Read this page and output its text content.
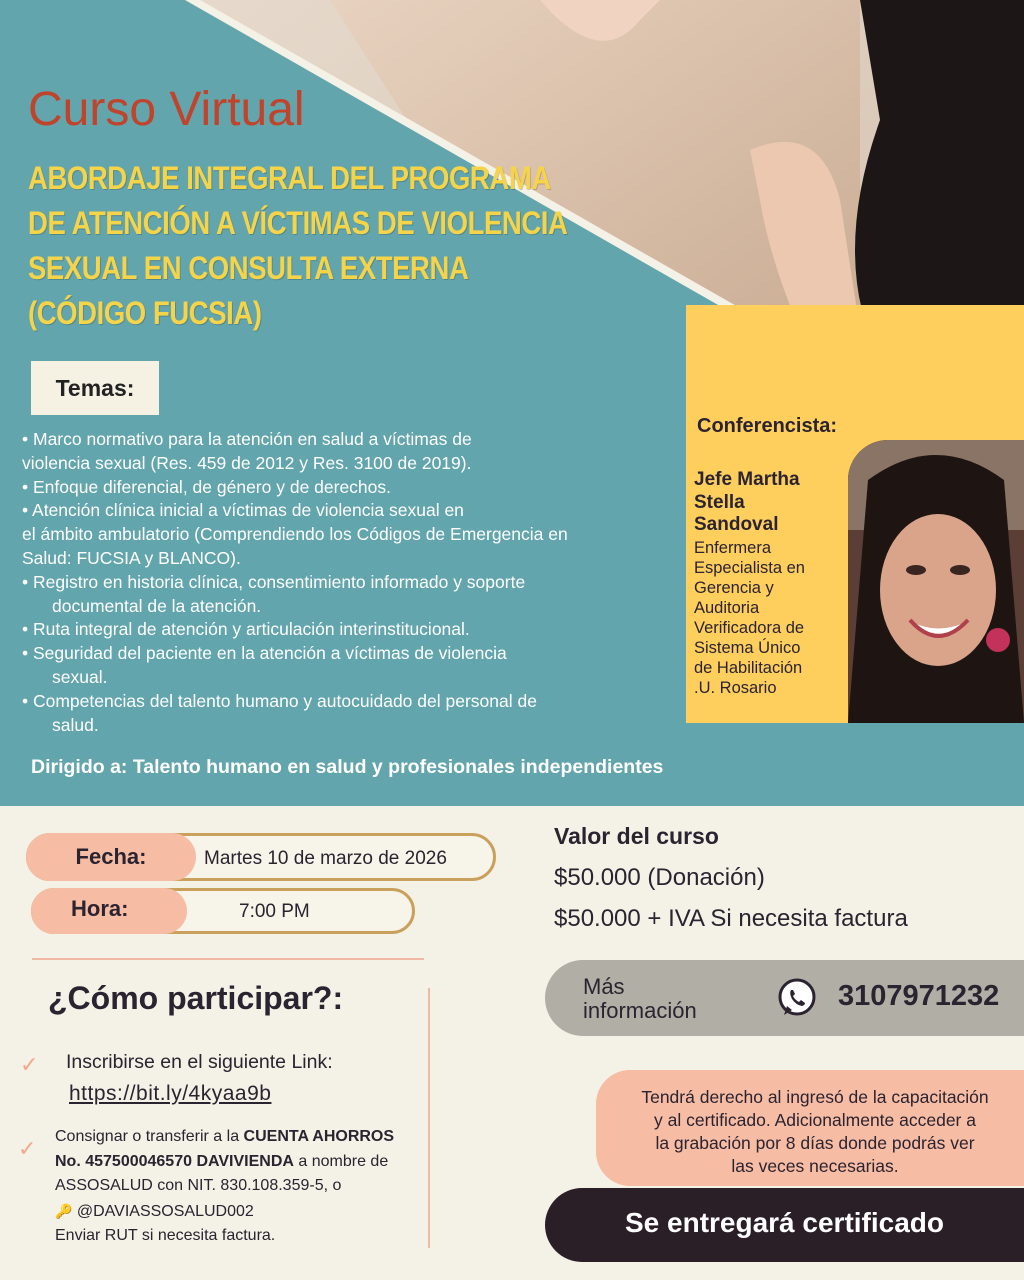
Curso Virtual
ABORDAJE INTEGRAL DEL PROGRAMA
DE ATENCIÓN A VÍCTIMAS DE VIOLENCIA
SEXUAL EN CONSULTA EXTERNA
(CÓDIGO FUCSIA)
Temas:
• Marco normativo para la atención en salud a víctimas de
violencia sexual (Res. 459 de 2012 y Res. 3100 de 2019).
• Enfoque diferencial, de género y de derechos.
• Atención clínica inicial a víctimas de violencia sexual en
el ámbito ambulatorio (Comprendiendo los Códigos de Emergencia en
Salud: FUCSIA y BLANCO).
• Registro en historia clínica, consentimiento informado y soporte
documental de la atención.
• Ruta integral de atención y articulación interinstitucional.
• Seguridad del paciente en la atención a víctimas de violencia
sexual.
• Competencias del talento humano y autocuidado del personal de
salud.
Dirigido a: Talento humano en salud y profesionales independientes
Conferencista:
Jefe Martha
Stella
Sandoval
Enfermera
Especialista en
Gerencia y
Auditoria
Verificadora de
Sistema Único
de Habilitación
.U. Rosario
Fecha:	Martes 10 de marzo de 2026
Hora:	7:00 PM
¿Cómo participar?:
✓ Inscribirse en el siguiente Link:
https://bit.ly/4kyaa9b
✓ Consignar o transferir a la CUENTA AHORROS
No. 457500046570 DAVIVIENDA a nombre de
ASSOSALUD con NIT. 830.108.359-5, o
🔑 @DAVIASSOSALUD002
Enviar RUT si necesita factura.
Valor del curso
$50.000 (Donación)
$50.000 + IVA Si necesita factura
Más
información	3107971232
Tendrá derecho al ingresó de la capacitación
y al certificado. Adicionalmente acceder a
la grabación por 8 días donde podrás ver
las veces necesarias.
Se entregará certificado
